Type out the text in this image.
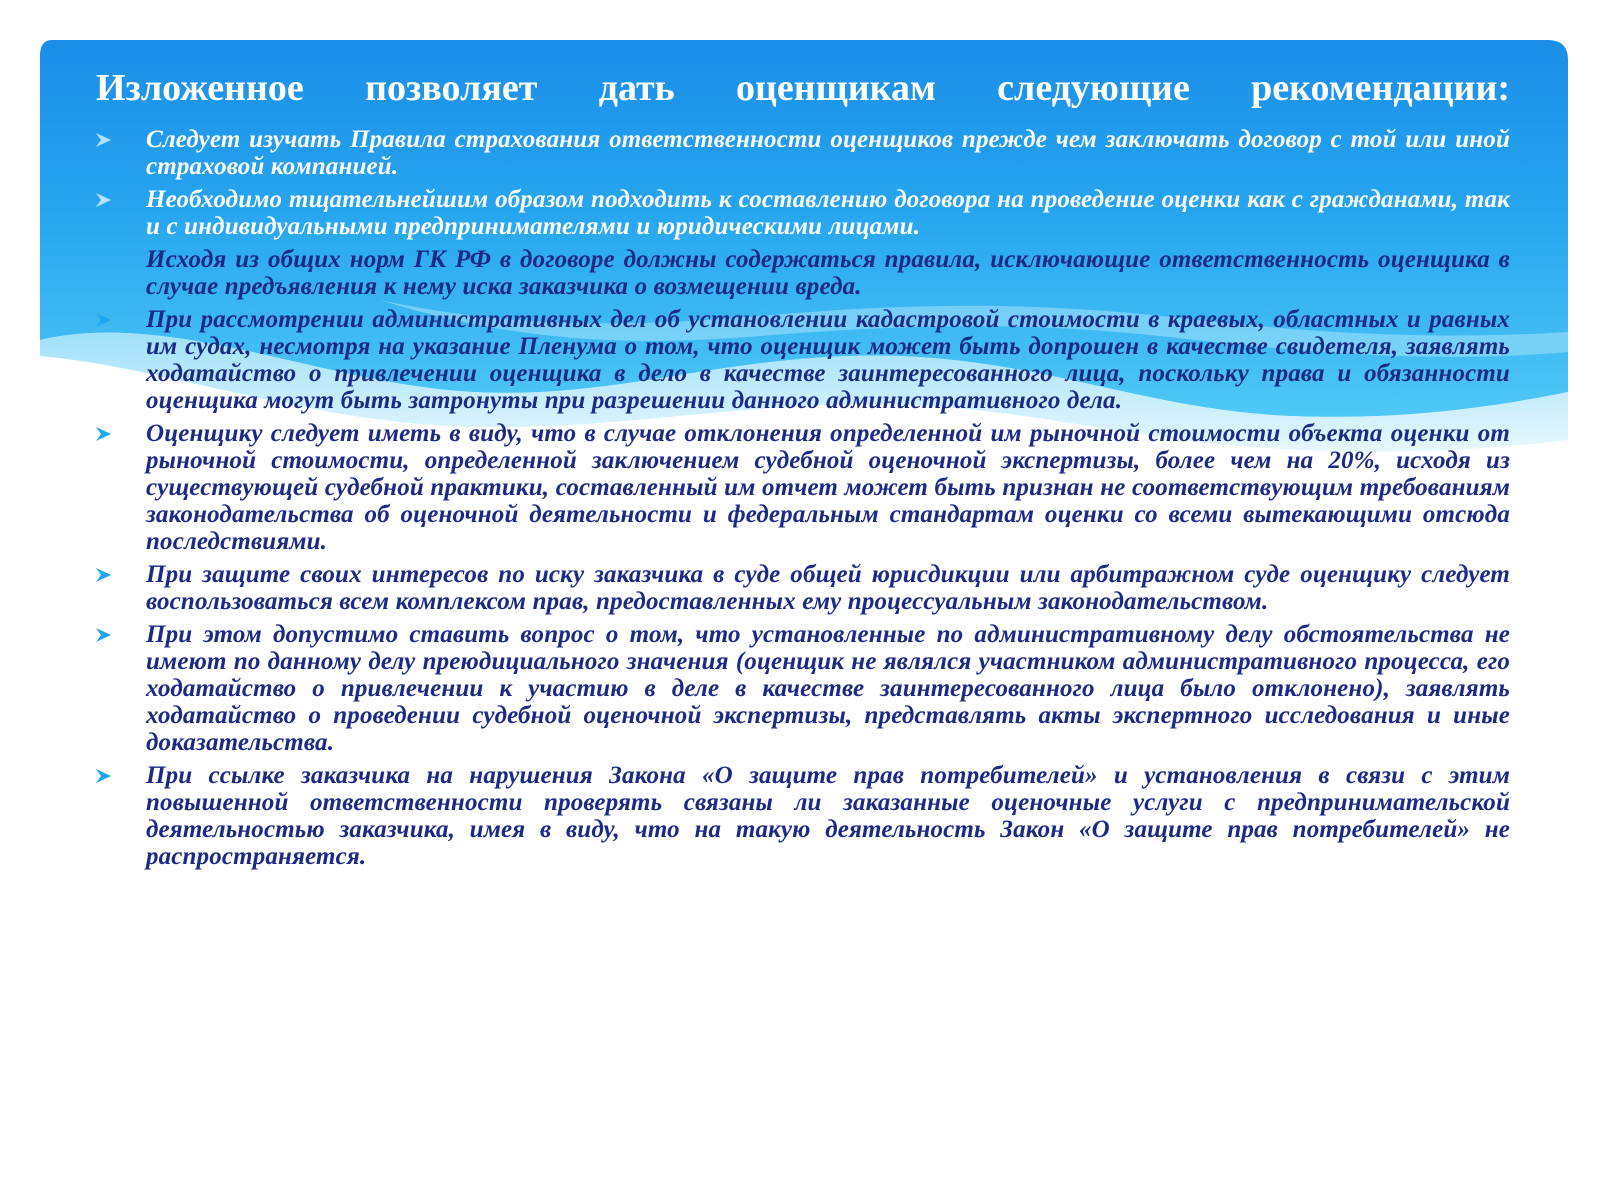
Изложенное позволяет дать оценщикам следующие рекомендации:
Следует изучать Правила страхования ответственности оценщиков прежде чем заключать договор с той или иной страховой компанией.
Необходимо тщательнейшим образом подходить к составлению договора на проведение оценки как с гражданами, так и с индивидуальными предпринимателями и юридическими лицами.
Исходя из общих норм ГК РФ в договоре должны содержаться правила, исключающие ответственность оценщика в случае предъявления к нему иска заказчика о возмещении вреда.
При рассмотрении административных дел об установлении кадастровой стоимости в краевых, областных и равных им судах, несмотря на указание Пленума о том, что оценщик может быть допрошен в качестве свидетеля, заявлять ходатайство о привлечении оценщика в дело в качестве заинтересованного лица, поскольку права и обязанности оценщика могут быть затронуты при разрешении данного административного дела.
Оценщику следует иметь в виду, что в случае отклонения определенной им рыночной стоимости объекта оценки от рыночной стоимости, определенной заключением судебной оценочной экспертизы, более чем на 20%, исходя из существующей судебной практики, составленный им отчет может быть признан не соответствующим требованиям законодательства об оценочной деятельности и федеральным стандартам оценки со всеми вытекающими отсюда последствиями.
При защите своих интересов по иску заказчика в суде общей юрисдикции или арбитражном суде оценщику следует воспользоваться всем комплексом прав, предоставленных ему процессуальным законодательством.
При этом допустимо ставить вопрос о том, что установленные по административному делу обстоятельства не имеют по данному делу преюдициального значения (оценщик не являлся участником административного процесса, его ходатайство о привлечении к участию в деле в качестве заинтересованного лица было отклонено), заявлять ходатайство о проведении судебной оценочной экспертизы, представлять акты экспертного исследования и иные доказательства.
При ссылке заказчика на нарушения Закона «О защите прав потребителей» и установления в связи с этим повышенной ответственности проверять связаны ли заказанные оценочные услуги с предпринимательской деятельностью заказчика, имея в виду, что на такую деятельность Закон «О защите прав потребителей» не распространяется.
